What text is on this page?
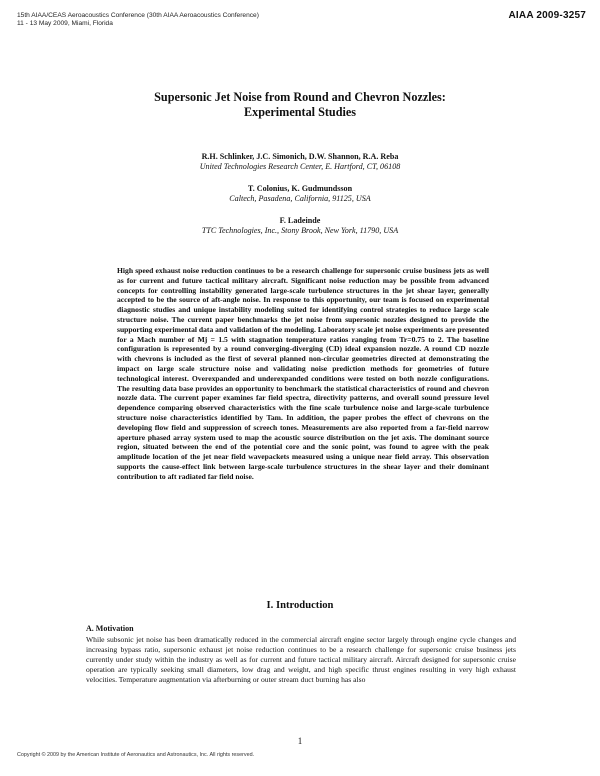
15th AIAA/CEAS Aeroacoustics Conference (30th AIAA Aeroacoustics Conference)
11 - 13 May 2009, Miami, Florida
AIAA 2009-3257
Supersonic Jet Noise from Round and Chevron Nozzles:
Experimental Studies
R.H. Schlinker, J.C. Simonich, D.W. Shannon, R.A. Reba
United Technologies Research Center, E. Hartford, CT, 06108
T. Colonius, K. Gudmundsson
Caltech, Pasadena, California, 91125, USA
F. Ladeinde
TTC Technologies, Inc., Stony Brook, New York, 11790, USA

High speed exhaust noise reduction continues to be a research challenge for supersonic cruise business jets as well as for current and future tactical military aircraft. Significant noise reduction may be possible from advanced concepts for controlling instability generated large-scale turbulence structures in the jet shear layer, generally accepted to be the source of aft-angle noise. In response to this opportunity, our team is focused on experimental diagnostic studies and unique instability modeling suited for identifying control strategies to reduce large scale structure noise. The current paper benchmarks the jet noise from supersonic nozzles designed to provide the supporting experimental data and validation of the modeling. Laboratory scale jet noise experiments are presented for a Mach number of Mj = 1.5 with stagnation temperature ratios ranging from Tr=0.75 to 2. The baseline configuration is represented by a round converging-diverging (CD) ideal expansion nozzle. A round CD nozzle with chevrons is included as the first of several planned non-circular geometries directed at demonstrating the impact on large scale structure noise and validating noise prediction methods for geometries of future technological interest. Overexpanded and underexpanded conditions were tested on both nozzle configurations. The resulting data base provides an opportunity to benchmark the statistical characteristics of round and chevron nozzle data. The current paper examines far field spectra, directivity patterns, and overall sound pressure level dependence comparing observed characteristics with the fine scale turbulence noise and large-scale turbulence structure noise characteristics identified by Tam. In addition, the paper probes the effect of chevrons on the developing flow field and suppression of screech tones. Measurements are also reported from a far-field narrow aperture phased array system used to map the acoustic source distribution on the jet axis. The dominant source region, situated between the end of the potential core and the sonic point, was found to agree with the peak amplitude location of the jet near field wavepackets measured using a unique near field array. This observation supports the cause-effect link between large-scale turbulence structures in the shear layer and their dominant contribution to aft radiated far field noise.

I. Introduction
A. Motivation

While subsonic jet noise has been dramatically reduced in the commercial aircraft engine sector largely through engine cycle changes and increasing bypass ratio, supersonic exhaust jet noise reduction continues to be a research challenge for supersonic cruise business jets currently under study within the industry as well as for current and future tactical military aircraft. Aircraft designed for supersonic cruise operation are typically seeking small diameters, low drag and weight, and high specific thrust engines resulting in very high exhaust velocities. Temperature augmentation via afterburning or outer stream duct burning has also

1
Copyright © 2009 by the American Institute of Aeronautics and Astronautics, Inc. All rights reserved.
